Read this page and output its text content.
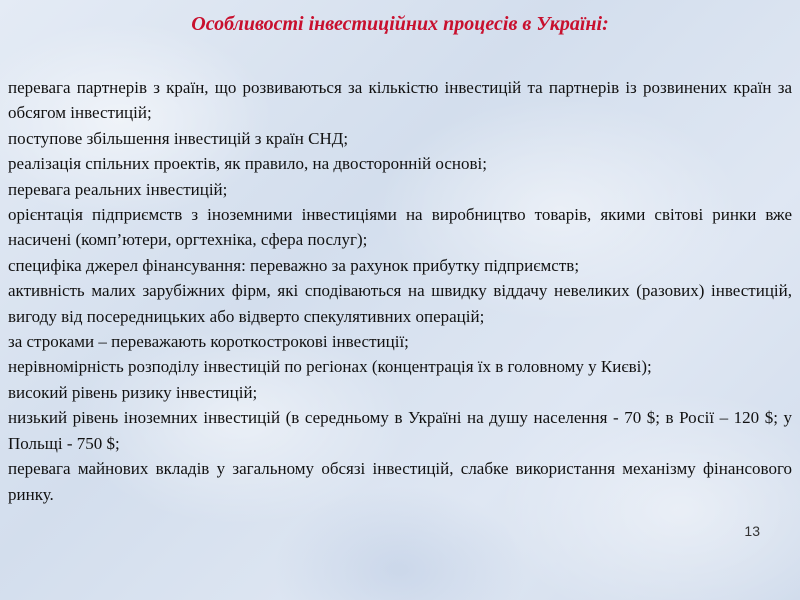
Особливості інвестиційних процесів в Україні:
перевага партнерів з країн, що розвиваються за кількістю інвестицій та партнерів із розвинених країн за обсягом інвестицій;
поступове збільшення інвестицій з країн СНД;
реалізація спільних проектів, як правило, на двосторонній основі;
перевага реальних інвестицій;
орієнтація підприємств з іноземними інвестиціями на виробництво товарів, якими світові ринки вже насичені (комп’ютери, оргтехніка, сфера послуг);
специфіка джерел фінансування: переважно за рахунок прибутку підприємств;
активність малих зарубіжних фірм, які сподіваються на швидку віддачу невеликих (разових) інвестицій, вигоду від посередницьких або відверто спекулятивних операцій;
за строками – переважають короткострокові інвестиції;
нерівномірність розподілу інвестицій по регіонах (концентрація їх в головному у Києві);
високий рівень ризику інвестицій;
низький рівень іноземних інвестицій (в середньому в Україні на душу населення - 70 $; в Росії – 120 $; у Польщі - 750 $;
перевага майнових вкладів у загальному обсязі інвестицій, слабке використання механізму фінансового ринку.
13
